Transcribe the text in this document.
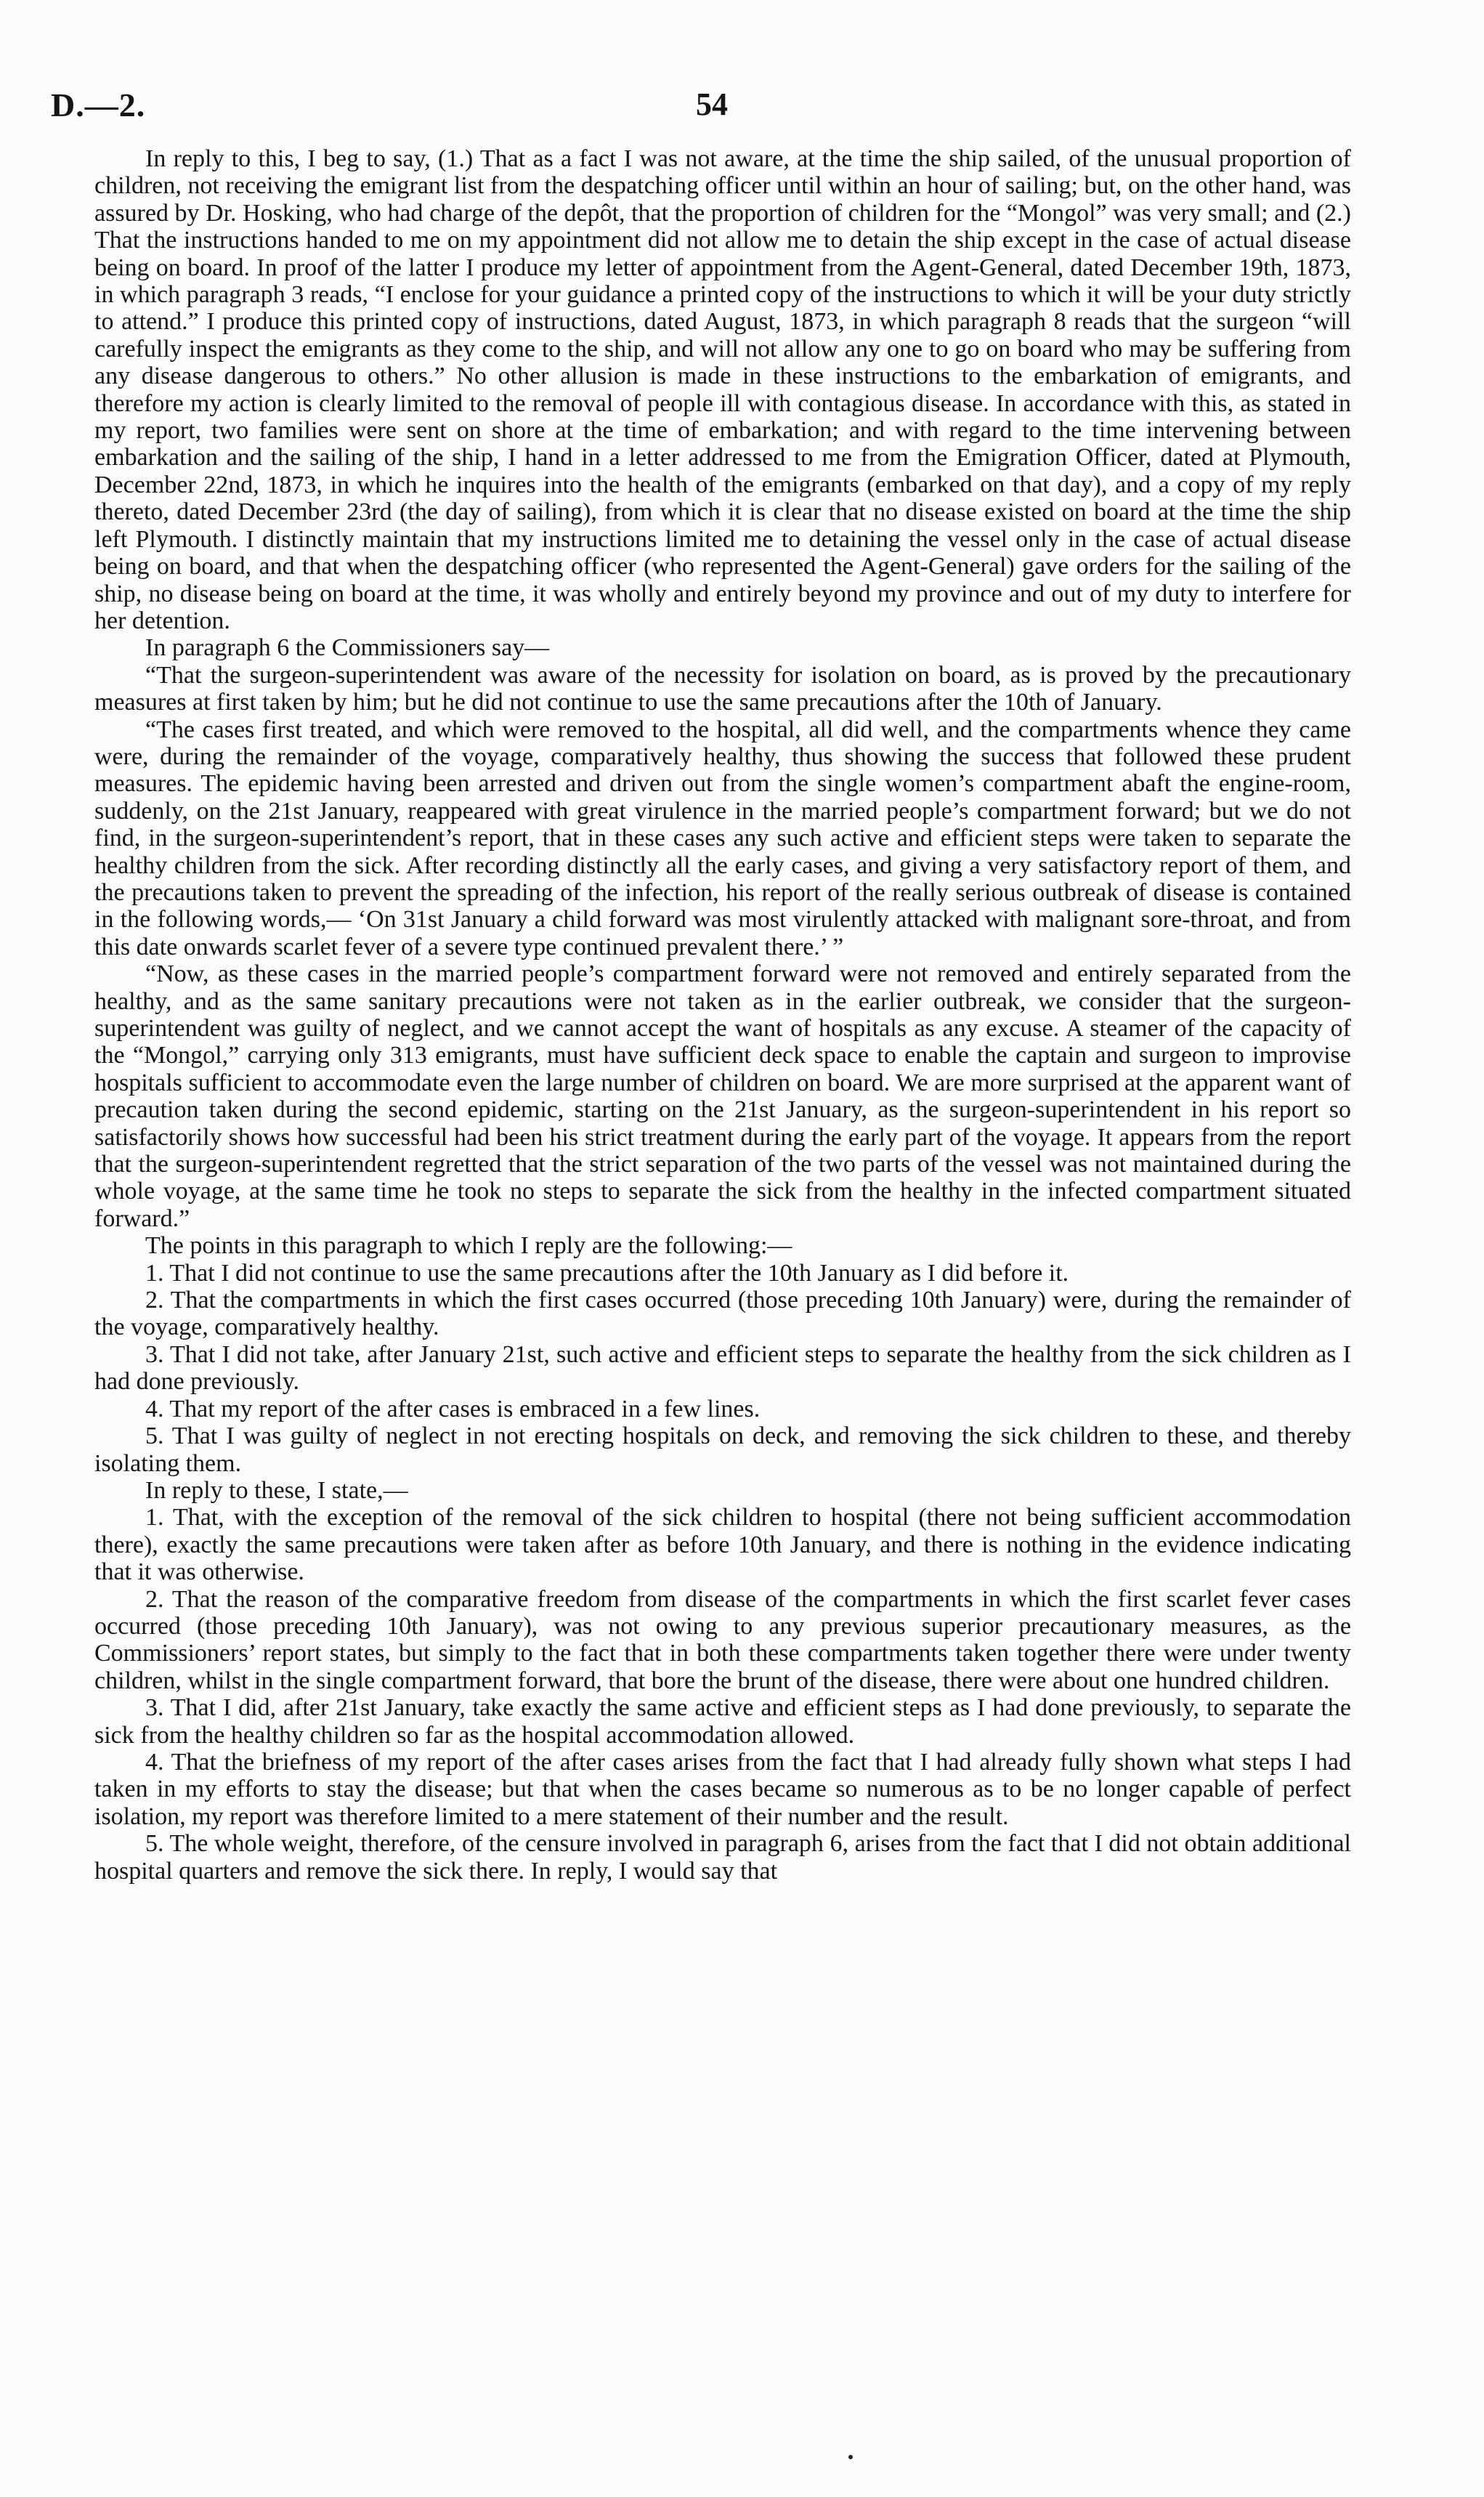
D.—2.	54

In reply to this, I beg to say, (1.) That as a fact I was not aware, at the time the ship sailed, of the unusual proportion of children, not receiving the emigrant list from the despatching officer until within an hour of sailing; but, on the other hand, was assured by Dr. Hosking, who had charge of the depôt, that the proportion of children for the “Mongol” was very small; and (2.) That the instructions handed to me on my appointment did not allow me to detain the ship except in the case of actual disease being on board. In proof of the latter I produce my letter of appointment from the Agent-General, dated December 19th, 1873, in which paragraph 3 reads, “I enclose for your guidance a printed copy of the instructions to which it will be your duty strictly to attend.” I produce this printed copy of instructions, dated August, 1873, in which paragraph 8 reads that the surgeon “will carefully inspect the emigrants as they come to the ship, and will not allow any one to go on board who may be suffering from any disease dangerous to others.” No other allusion is made in these instructions to the embarkation of emigrants, and therefore my action is clearly limited to the removal of people ill with contagious disease. In accordance with this, as stated in my report, two families were sent on shore at the time of embarkation; and with regard to the time intervening between embarkation and the sailing of the ship, I hand in a letter addressed to me from the Emigration Officer, dated at Plymouth, December 22nd, 1873, in which he inquires into the health of the emigrants (embarked on that day), and a copy of my reply thereto, dated December 23rd (the day of sailing), from which it is clear that no disease existed on board at the time the ship left Plymouth. I distinctly maintain that my instructions limited me to detaining the vessel only in the case of actual disease being on board, and that when the despatching officer (who represented the Agent-General) gave orders for the sailing of the ship, no disease being on board at the time, it was wholly and entirely beyond my province and out of my duty to interfere for her detention.

In paragraph 6 the Commissioners say—

“That the surgeon-superintendent was aware of the necessity for isolation on board, as is proved by the precautionary measures at first taken by him; but he did not continue to use the same precautions after the 10th of January.

“The cases first treated, and which were removed to the hospital, all did well, and the compartments whence they came were, during the remainder of the voyage, comparatively healthy, thus showing the success that followed these prudent measures. The epidemic having been arrested and driven out from the single women’s compartment abaft the engine-room, suddenly, on the 21st January, reappeared with great virulence in the married people’s compartment forward; but we do not find, in the surgeon-superintendent’s report, that in these cases any such active and efficient steps were taken to separate the healthy children from the sick. After recording distinctly all the early cases, and giving a very satisfactory report of them, and the precautions taken to prevent the spreading of the infection, his report of the really serious outbreak of disease is contained in the following words,— ‘On 31st January a child forward was most virulently attacked with malignant sore-throat, and from this date onwards scarlet fever of a severe type continued prevalent there.’ ”

“Now, as these cases in the married people’s compartment forward were not removed and entirely separated from the healthy, and as the same sanitary precautions were not taken as in the earlier outbreak, we consider that the surgeon-superintendent was guilty of neglect, and we cannot accept the want of hospitals as any excuse. A steamer of the capacity of the “Mongol,” carrying only 313 emigrants, must have sufficient deck space to enable the captain and surgeon to improvise hospitals sufficient to accommodate even the large number of children on board. We are more surprised at the apparent want of precaution taken during the second epidemic, starting on the 21st January, as the surgeon-superintendent in his report so satisfactorily shows how successful had been his strict treatment during the early part of the voyage. It appears from the report that the surgeon-superintendent regretted that the strict separation of the two parts of the vessel was not maintained during the whole voyage, at the same time he took no steps to separate the sick from the healthy in the infected compartment situated forward.”

The points in this paragraph to which I reply are the following:—

1. That I did not continue to use the same precautions after the 10th January as I did before it.

2. That the compartments in which the first cases occurred (those preceding 10th January) were, during the remainder of the voyage, comparatively healthy.

3. That I did not take, after January 21st, such active and efficient steps to separate the healthy from the sick children as I had done previously.

4. That my report of the after cases is embraced in a few lines.

5. That I was guilty of neglect in not erecting hospitals on deck, and removing the sick children to these, and thereby isolating them.

In reply to these, I state,—

1. That, with the exception of the removal of the sick children to hospital (there not being sufficient accommodation there), exactly the same precautions were taken after as before 10th January, and there is nothing in the evidence indicating that it was otherwise.

2. That the reason of the comparative freedom from disease of the compartments in which the first scarlet fever cases occurred (those preceding 10th January), was not owing to any previous superior precautionary measures, as the Commissioners’ report states, but simply to the fact that in both these compartments taken together there were under twenty children, whilst in the single compartment forward, that bore the brunt of the disease, there were about one hundred children.

3. That I did, after 21st January, take exactly the same active and efficient steps as I had done previously, to separate the sick from the healthy children so far as the hospital accommodation allowed.

4. That the briefness of my report of the after cases arises from the fact that I had already fully shown what steps I had taken in my efforts to stay the disease; but that when the cases became so numerous as to be no longer capable of perfect isolation, my report was therefore limited to a mere statement of their number and the result.

5. The whole weight, therefore, of the censure involved in paragraph 6, arises from the fact that I did not obtain additional hospital quarters and remove the sick there. In reply, I would say that
